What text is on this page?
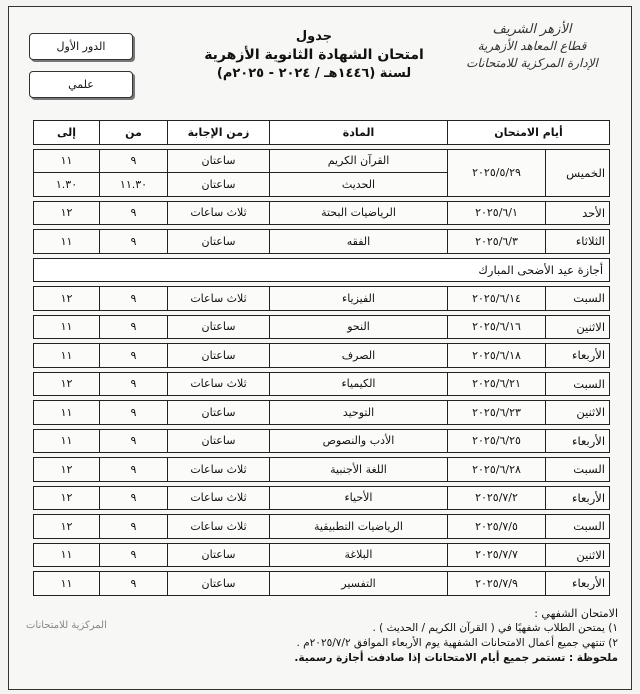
الأزهر الشريف
قطاع المعاهد الأزهرية
الإدارة المركزية للامتحانات
جدول
امتحان الشهادة الثانوية الأزهرية
لسنة (١٤٤٦هـ / ٢٠٢٤ - ٢٠٢٥م)
الدور الأول
علمي
أيام الامتحان		المادة	زمن الإجابة	من	إلى

الخميس	٢٠٢٥/٥/٢٩	القرآن الكريم	ساعتان	٩	١١
		الحديث	ساعتان	١١.٣٠	١.٣٠

الأحد	٢٠٢٥/٦/١	الرياضيات البحتة	ثلاث ساعات	٩	١٢

الثلاثاء	٢٠٢٥/٦/٣	الفقه	ساعتان	٩	١١

أجازة عيد الأضحى المبارك					

السبت	٢٠٢٥/٦/١٤	الفيزياء	ثلاث ساعات	٩	١٢

الاثنين	٢٠٢٥/٦/١٦	النحو	ساعتان	٩	١١

الأربعاء	٢٠٢٥/٦/١٨	الصرف	ساعتان	٩	١١

السبت	٢٠٢٥/٦/٢١	الكيمياء	ثلاث ساعات	٩	١٢

الاثنين	٢٠٢٥/٦/٢٣	التوحيد	ساعتان	٩	١١

الأربعاء	٢٠٢٥/٦/٢٥	الأدب والنصوص	ساعتان	٩	١١

السبت	٢٠٢٥/٦/٢٨	اللغة الأجنبية	ثلاث ساعات	٩	١٢

الأربعاء	٢٠٢٥/٧/٢	الأحياء	ثلاث ساعات	٩	١٢

السبت	٢٠٢٥/٧/٥	الرياضيات التطبيقية	ثلاث ساعات	٩	١٢

الاثنين	٢٠٢٥/٧/٧	البلاغة	ساعتان	٩	١١

الأربعاء	٢٠٢٥/٧/٩	التفسير	ساعتان	٩	١١
الامتحان الشفهي :
١) يمتحن الطلاب شفهيًا في ( القرآن الكريم / الحديث ) .
٢) تنتهي جميع أعمال الامتحانات الشفهية يوم الأربعاء الموافق ٢٠٢٥/٧/٢م .
ملحوظة : تستمر جميع أيام الامتحانات إذا صادفت أجازة رسمية.
المركزية للامتحانات
